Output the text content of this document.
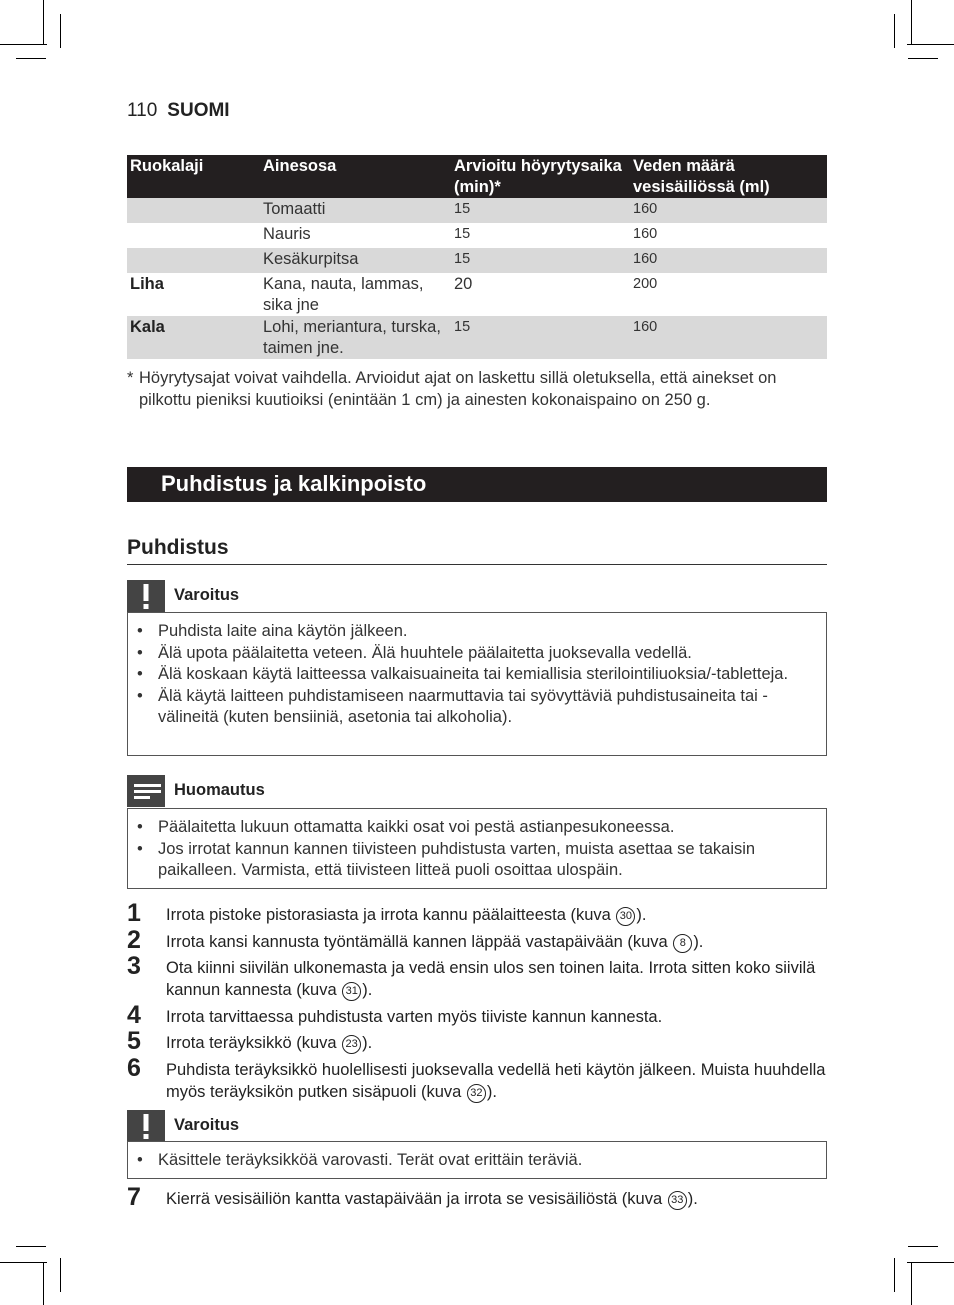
110 SUOMI
Ruokalaji	Ainesosa	Arvioitu höyrytysaika (min)*	Veden määrä vesisäiliössä (ml)
	Tomaatti	15	160
	Nauris	15	160
	Kesäkurpitsa	15	160
Liha	Kana, nauta, lammas, sika jne	20	200
Kala	Lohi, meriantura, turska, taimen jne.	15	160
* Höyrytysajat voivat vaihdella. Arvioidut ajat on laskettu sillä oletuksella, että ainekset on pilkottu pieniksi kuutioiksi (enintään 1 cm) ja ainesten kokonaispaino on 250 g.
Puhdistus ja kalkinpoisto
Puhdistus
Varoitus
• Puhdista laite aina käytön jälkeen.
• Älä upota päälaitetta veteen. Älä huuhtele päälaitetta juoksevalla vedellä.
• Älä koskaan käytä laitteessa valkaisuaineita tai kemiallisia sterilointiliuoksia/-tabletteja.
• Älä käytä laitteen puhdistamiseen naarmuttavia tai syövyttäviä puhdistusaineita tai -välineitä (kuten bensiiniä, asetonia tai alkoholia).
Huomautus
• Päälaitetta lukuun ottamatta kaikki osat voi pestä astianpesukoneessa.
• Jos irrotat kannun kannen tiivisteen puhdistusta varten, muista asettaa se takaisin paikalleen. Varmista, että tiivisteen litteä puoli osoittaa ulospäin.
1 Irrota pistoke pistorasiasta ja irrota kannu päälaitteesta (kuva 30 ).
2 Irrota kansi kannusta työntämällä kannen läppää vastapäivään (kuva 8 ).
3 Ota kiinni siivilän ulkonemasta ja vedä ensin ulos sen toinen laita. Irrota sitten koko siivilä kannun kannesta (kuva 31 ).
4 Irrota tarvittaessa puhdistusta varten myös tiiviste kannun kannesta.
5 Irrota teräyksikkö (kuva 23 ).
6 Puhdista teräyksikkö huolellisesti juoksevalla vedellä heti käytön jälkeen. Muista huuhdella myös teräyksikön putken sisäpuoli (kuva 32 ).
Varoitus
• Käsittele teräyksikköä varovasti. Terät ovat erittäin teräviä.
7 Kierrä vesisäiliön kantta vastapäivään ja irrota se vesisäiliöstä (kuva 33 ).
